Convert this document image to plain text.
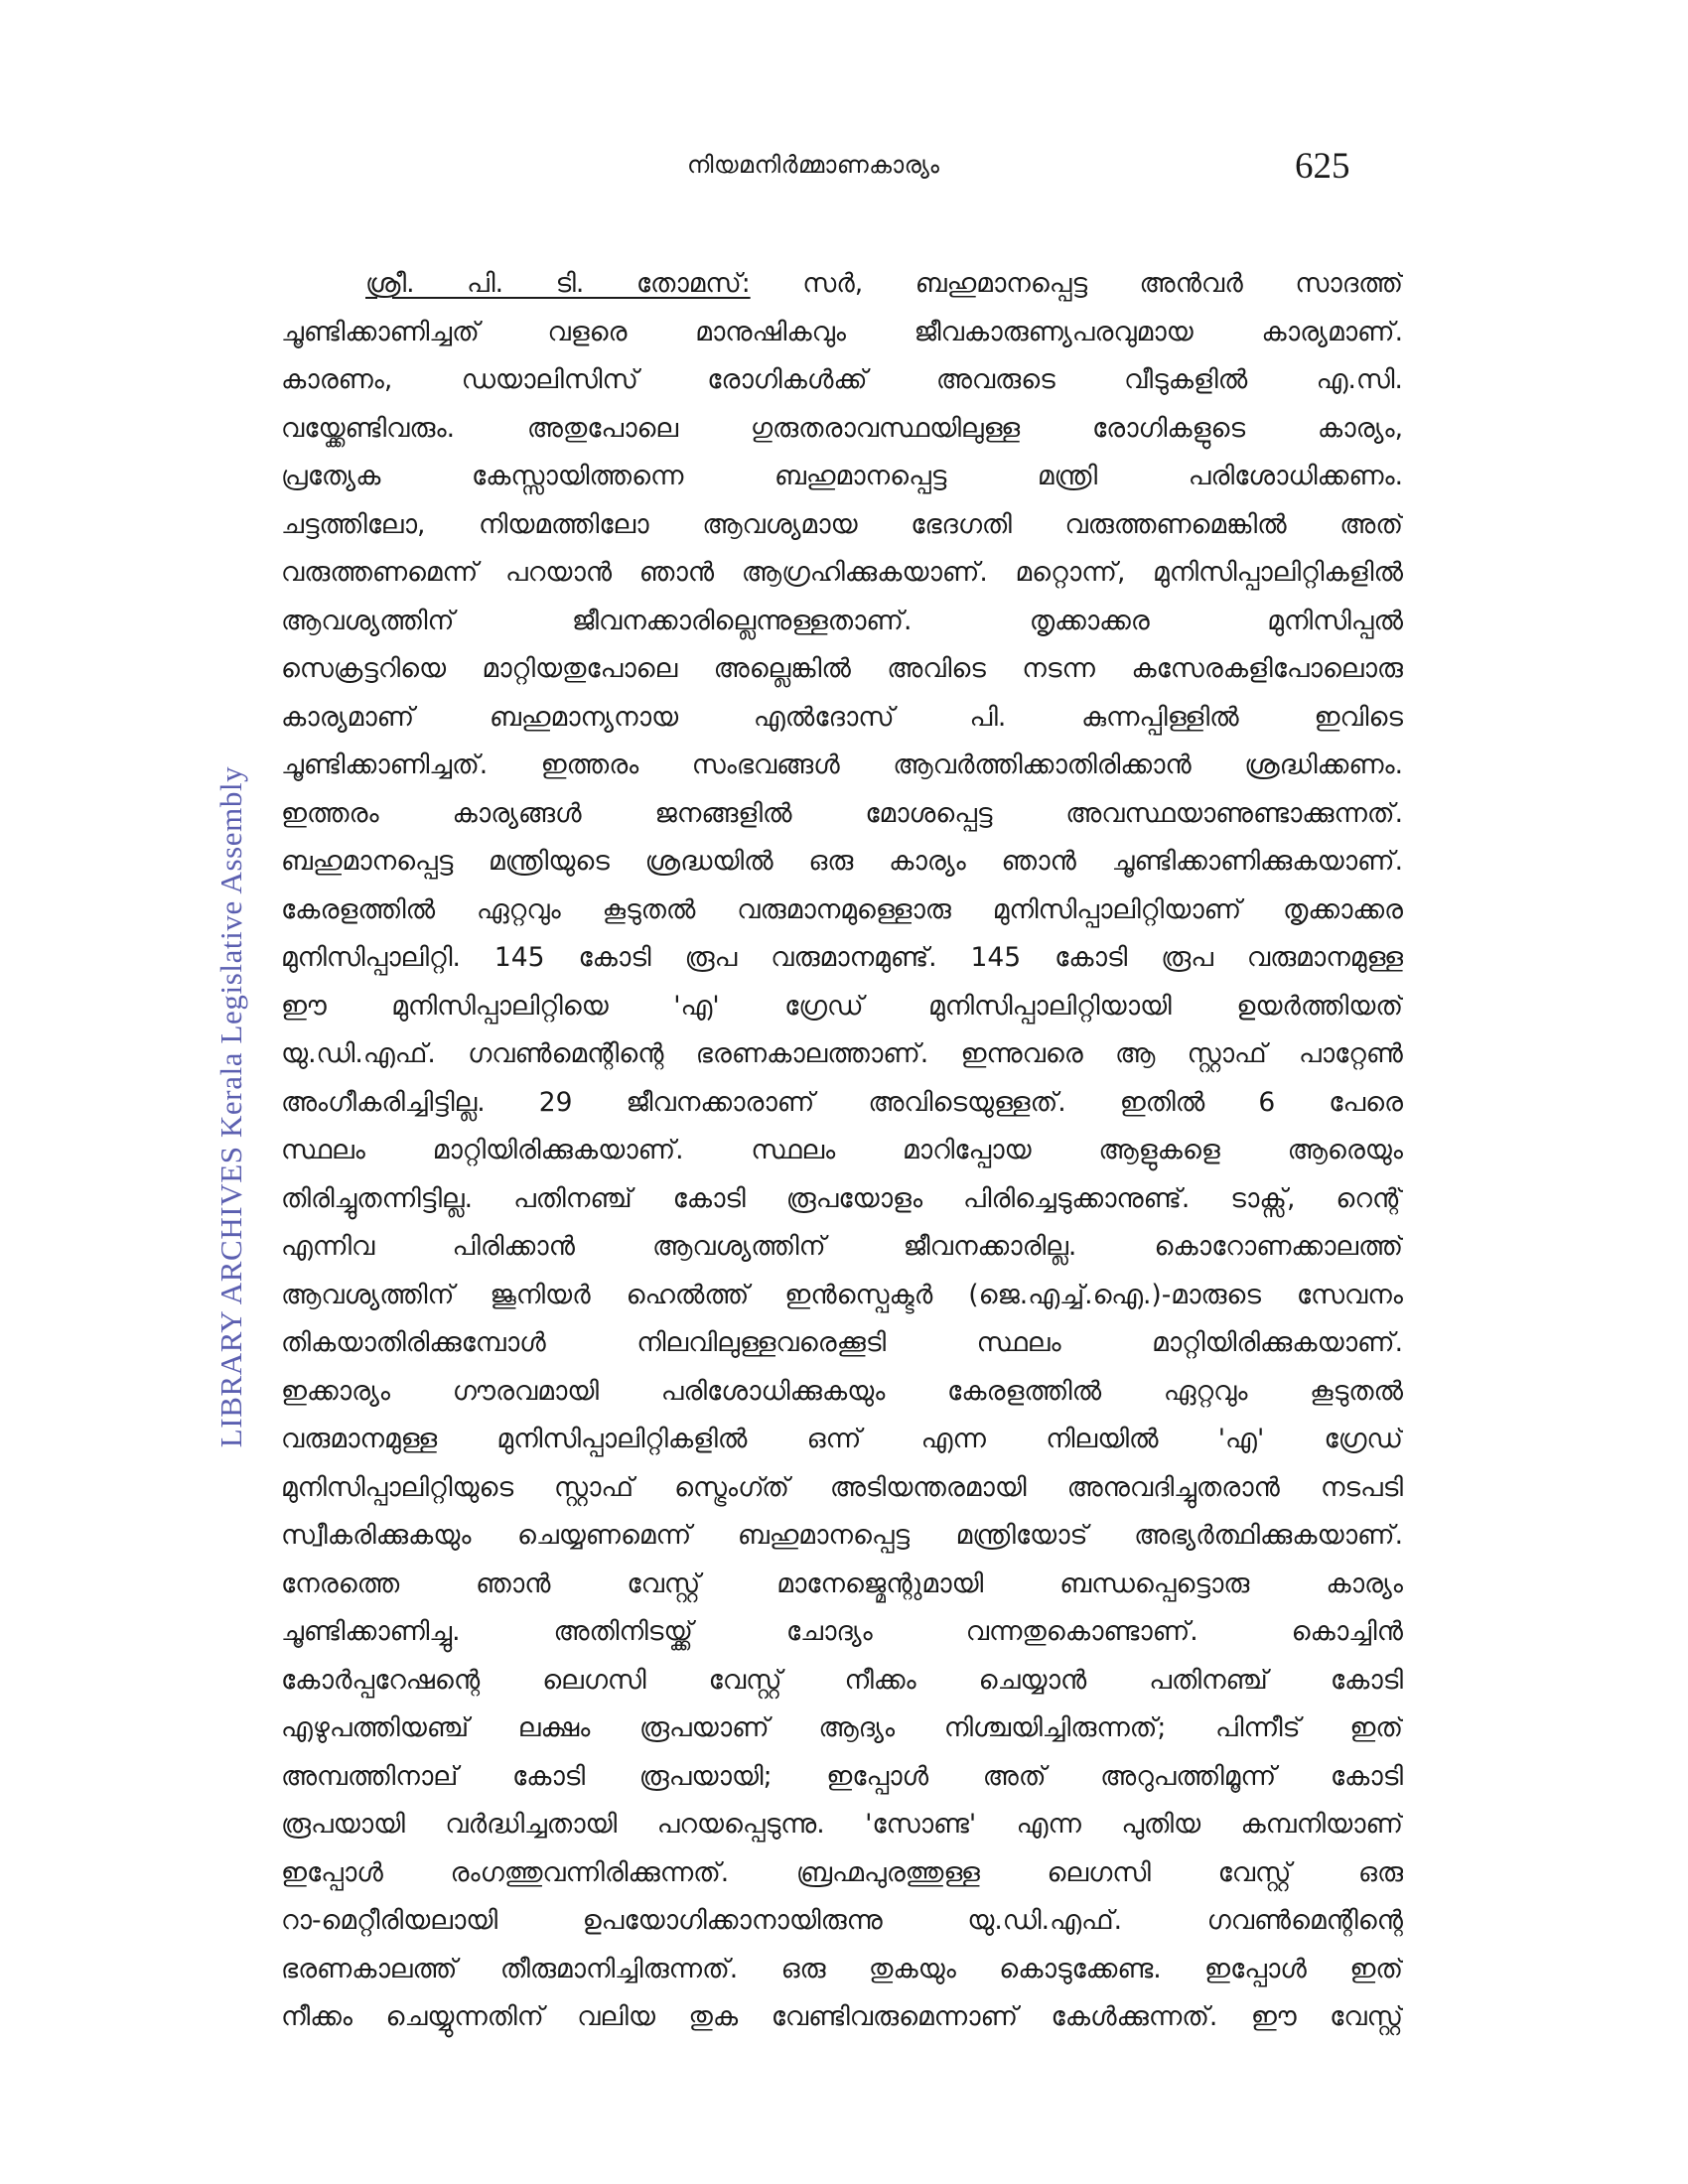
നിയമനിർമ്മാണകാര്യം	625
LIBRARY ARCHIVES Kerala Legislative Assembly
ശ്രീ. പി. ടി. തോമസ്: സർ, ബഹുമാനപ്പെട്ട അൻവർ സാദത്ത്
ചൂണ്ടിക്കാണിച്ചത് വളരെ മാനുഷികവും ജീവകാരുണ്യപരവുമായ കാര്യമാണ്.
കാരണം, ഡയാലിസിസ് രോഗികൾക്ക് അവരുടെ വീടുകളിൽ എ.സി.
വയ്ക്കേണ്ടിവരും. അതുപോലെ ഗുരുതരാവസ്ഥയിലുള്ള രോഗികളുടെ കാര്യം,
പ്രത്യേക കേസ്സായിത്തന്നെ ബഹുമാനപ്പെട്ട മന്ത്രി പരിശോധിക്കണം.
ചട്ടത്തിലോ, നിയമത്തിലോ ആവശ്യമായ ഭേദഗതി വരുത്തണമെങ്കിൽ അത്
വരുത്തണമെന്ന് പറയാൻ ഞാൻ ആഗ്രഹിക്കുകയാണ്. മറ്റൊന്ന്, മുനിസിപ്പാലിറ്റികളിൽ
ആവശ്യത്തിന് ജീവനക്കാരില്ലെന്നുള്ളതാണ്. തൃക്കാക്കര മുനിസിപ്പൽ
സെക്രട്ടറിയെ മാറ്റിയതുപോലെ അല്ലെങ്കിൽ അവിടെ നടന്ന കസേരകളിപോലൊരു
കാര്യമാണ് ബഹുമാന്യനായ എൽദോസ് പി. കുന്നപ്പിള്ളിൽ ഇവിടെ
ചൂണ്ടിക്കാണിച്ചത്. ഇത്തരം സംഭവങ്ങൾ ആവർത്തിക്കാതിരിക്കാൻ ശ്രദ്ധിക്കണം.
ഇത്തരം കാര്യങ്ങൾ ജനങ്ങളിൽ മോശപ്പെട്ട അവസ്ഥയാണുണ്ടാക്കുന്നത്.
ബഹുമാനപ്പെട്ട മന്ത്രിയുടെ ശ്രദ്ധയിൽ ഒരു കാര്യം ഞാൻ ചൂണ്ടിക്കാണിക്കുകയാണ്.
കേരളത്തിൽ ഏറ്റവും കൂടുതൽ വരുമാനമുള്ളൊരു മുനിസിപ്പാലിറ്റിയാണ് തൃക്കാക്കര
മുനിസിപ്പാലിറ്റി. 145 കോടി രൂപ വരുമാനമുണ്ട്. 145 കോടി രൂപ വരുമാനമുള്ള
ഈ മുനിസിപ്പാലിറ്റിയെ 'എ' ഗ്രേഡ് മുനിസിപ്പാലിറ്റിയായി ഉയർത്തിയത്
യു.ഡി.എഫ്. ഗവൺമെന്റിന്റെ ഭരണകാലത്താണ്. ഇന്നുവരെ ആ സ്റ്റാഫ് പാറ്റേൺ
അംഗീകരിച്ചിട്ടില്ല. 29 ജീവനക്കാരാണ് അവിടെയുള്ളത്. ഇതിൽ 6 പേരെ
സ്ഥലം മാറ്റിയിരിക്കുകയാണ്. സ്ഥലം മാറിപ്പോയ ആളുകളെ ആരെയും
തിരിച്ചുതന്നിട്ടില്ല. പതിനഞ്ച് കോടി രൂപയോളം പിരിച്ചെടുക്കാനുണ്ട്. ടാക്സ്, റെന്റ്
എന്നിവ പിരിക്കാൻ ആവശ്യത്തിന് ജീവനക്കാരില്ല. കൊറോണക്കാലത്ത്
ആവശ്യത്തിന് ജൂനിയർ ഹെൽത്ത് ഇൻസ്പെക്ടർ (ജെ.എച്ച്.ഐ.)-മാരുടെ സേവനം
തികയാതിരിക്കുമ്പോൾ നിലവിലുള്ളവരെക്കൂടി സ്ഥലം മാറ്റിയിരിക്കുകയാണ്.
ഇക്കാര്യം ഗൗരവമായി പരിശോധിക്കുകയും കേരളത്തിൽ ഏറ്റവും കൂടുതൽ
വരുമാനമുള്ള മുനിസിപ്പാലിറ്റികളിൽ ഒന്ന് എന്ന നിലയിൽ 'എ' ഗ്രേഡ്
മുനിസിപ്പാലിറ്റിയുടെ സ്റ്റാഫ് സ്ട്രെംഗ്ത് അടിയന്തരമായി അനുവദിച്ചുതരാൻ നടപടി
സ്വീകരിക്കുകയും ചെയ്യണമെന്ന് ബഹുമാനപ്പെട്ട മന്ത്രിയോട് അഭ്യർത്ഥിക്കുകയാണ്.
നേരത്തെ ഞാൻ വേസ്റ്റ് മാനേജ്മെന്റുമായി ബന്ധപ്പെട്ടൊരു കാര്യം
ചൂണ്ടിക്കാണിച്ചു. അതിനിടയ്ക്ക് ചോദ്യം വന്നതുകൊണ്ടാണ്. കൊച്ചിൻ
കോർപ്പറേഷന്റെ ലെഗസി വേസ്റ്റ് നീക്കം ചെയ്യാൻ പതിനഞ്ച് കോടി
എഴുപത്തിയഞ്ച് ലക്ഷം രൂപയാണ് ആദ്യം നിശ്ചയിച്ചിരുന്നത്; പിന്നീട് ഇത്
അമ്പത്തിനാല് കോടി രൂപയായി; ഇപ്പോൾ അത് അറുപത്തിമൂന്ന് കോടി
രൂപയായി വർദ്ധിച്ചതായി പറയപ്പെടുന്നു. 'സോണ്ട' എന്ന പുതിയ കമ്പനിയാണ്
ഇപ്പോൾ രംഗത്തുവന്നിരിക്കുന്നത്. ബ്രഹ്മപുരത്തുള്ള ലെഗസി വേസ്റ്റ് ഒരു
റാ-മെറ്റീരിയലായി ഉപയോഗിക്കാനായിരുന്നു യു.ഡി.എഫ്. ഗവൺമെന്റിന്റെ
ഭരണകാലത്ത് തീരുമാനിച്ചിരുന്നത്. ഒരു തുകയും കൊടുക്കേണ്ട. ഇപ്പോൾ ഇത്
നീക്കം ചെയ്യുന്നതിന് വലിയ തുക വേണ്ടിവരുമെന്നാണ് കേൾക്കുന്നത്. ഈ വേസ്റ്റ്
